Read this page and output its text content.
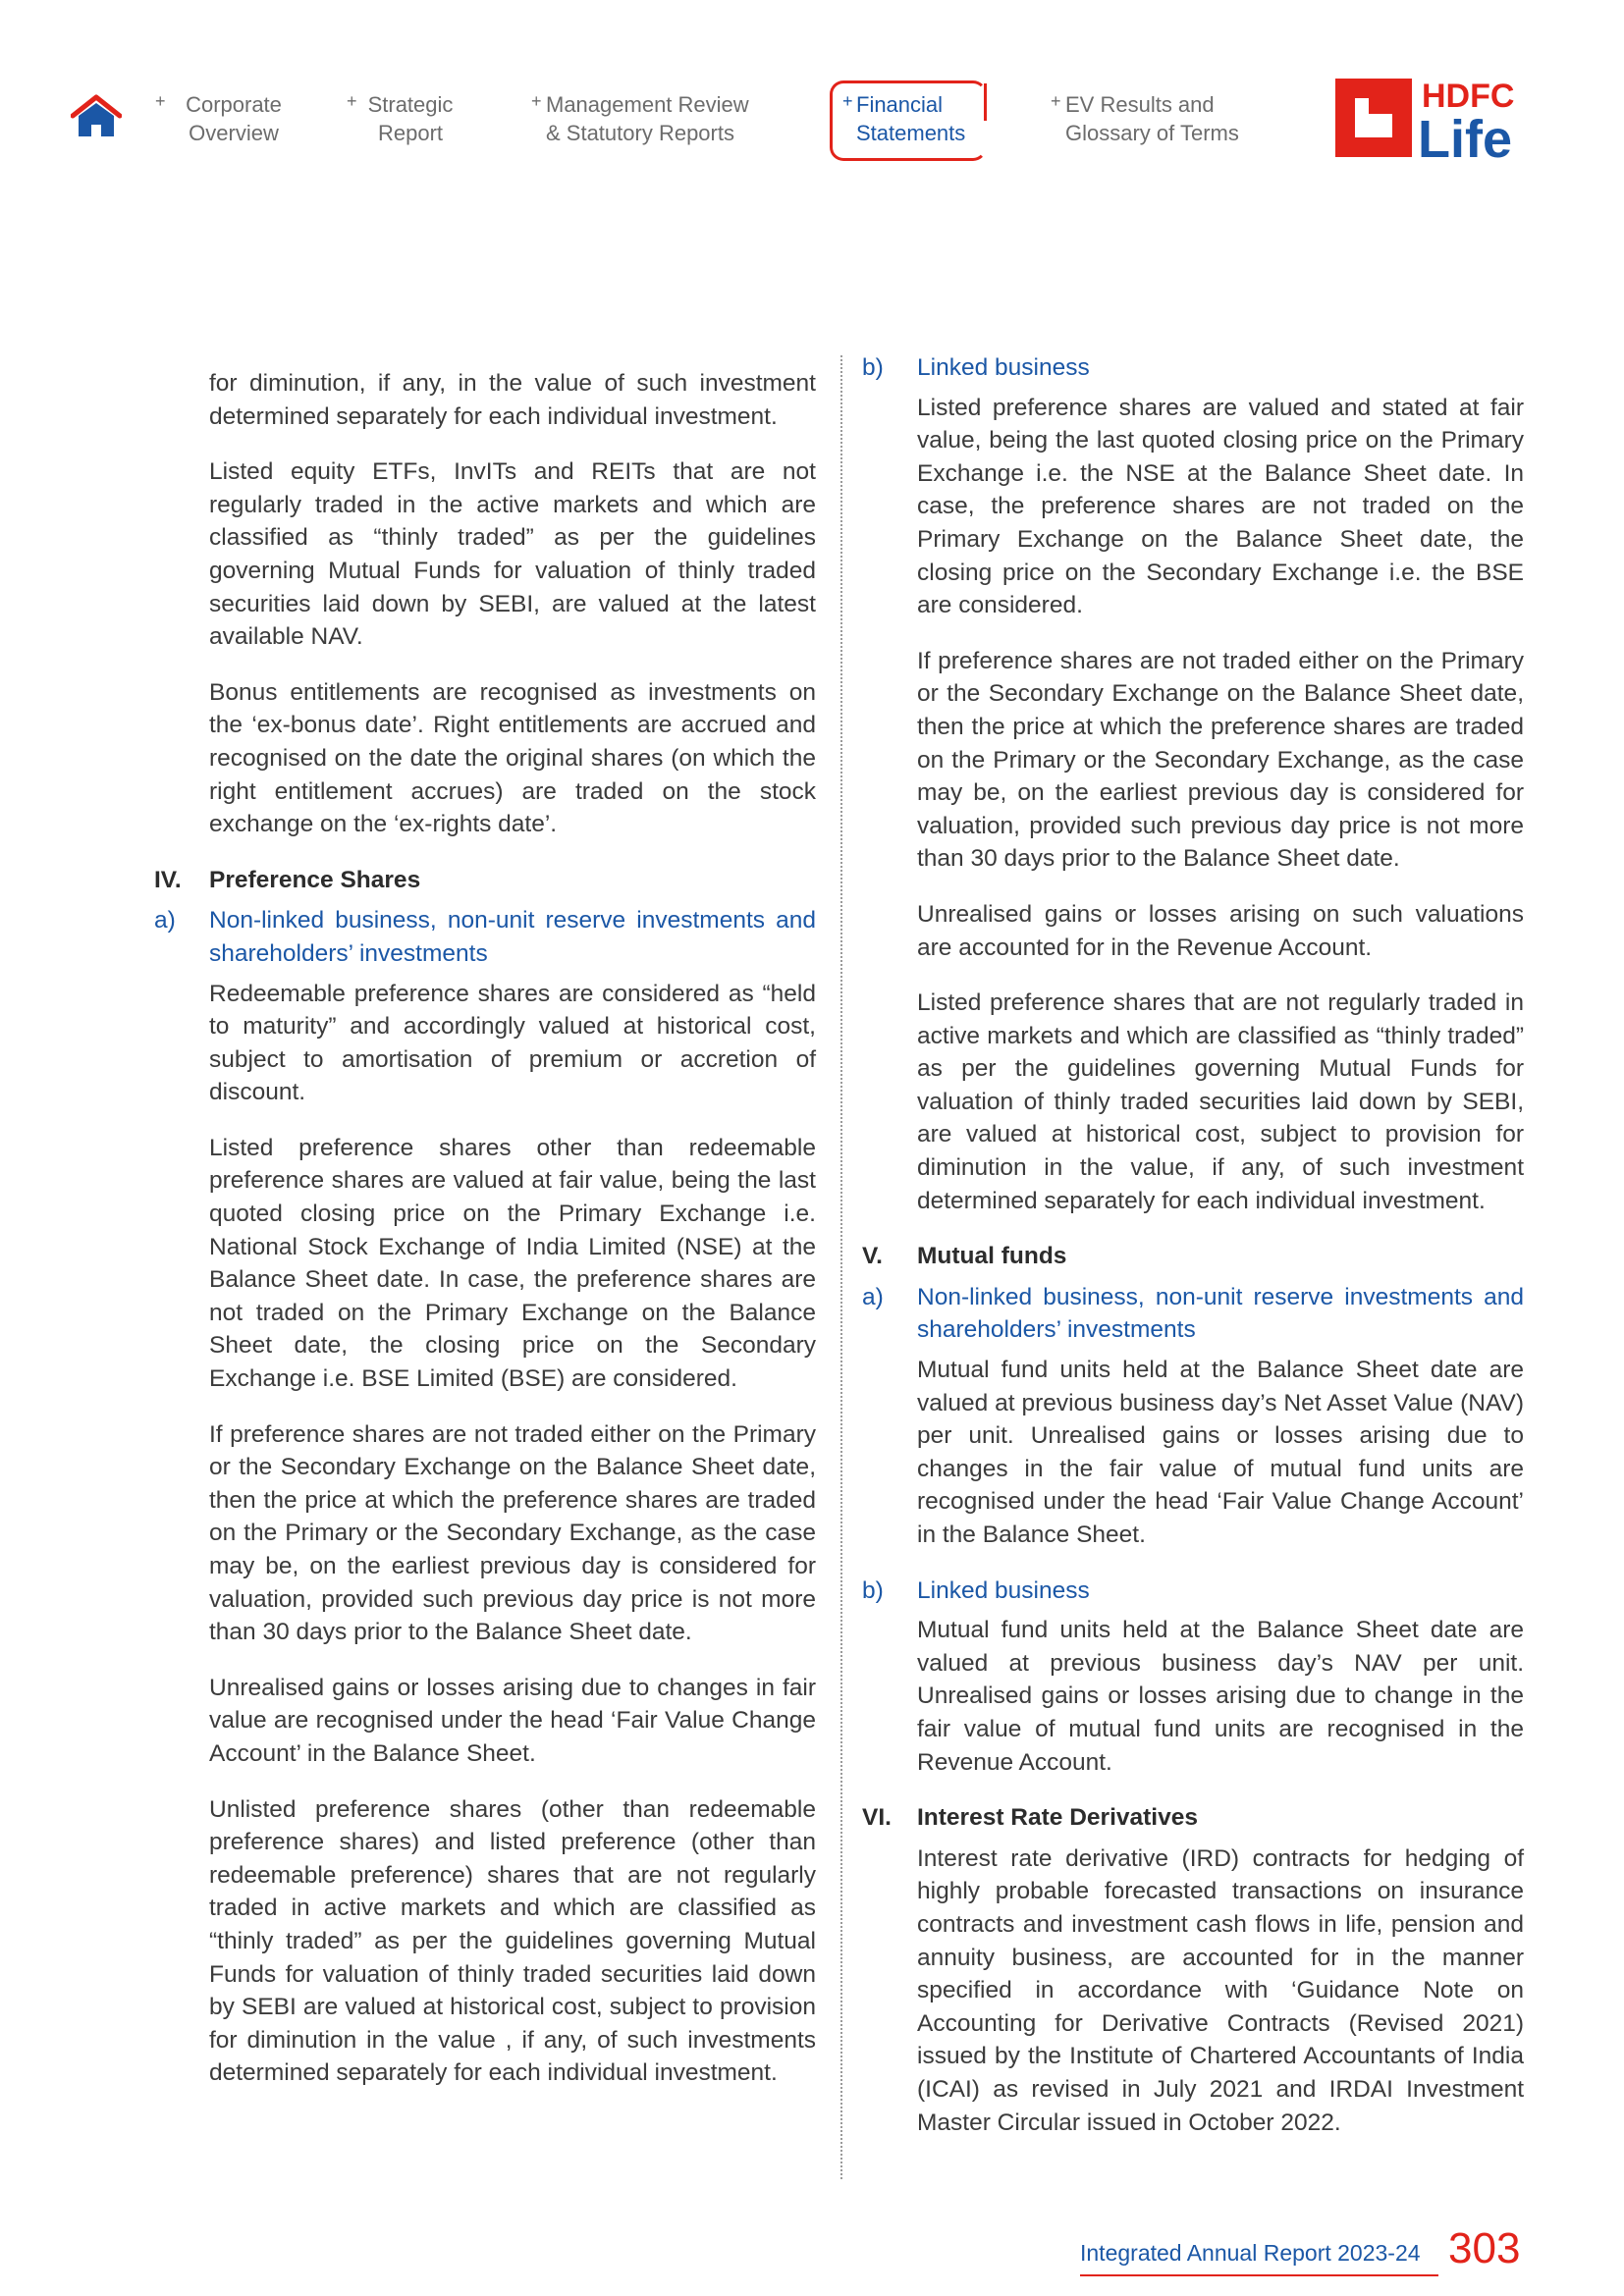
+ Corporate
Overview
+ Strategic
Report
+ Management Review
& Statutory Reports
+ Financial
Statements
+ EV Results and
Glossary of Terms
HDFC
Life

for diminution, if any, in the value of such investment determined separately for each individual investment.

Listed equity ETFs, InvITs and REITs that are not regularly traded in the active markets and which are classified as “thinly traded” as per the guidelines governing Mutual Funds for valuation of thinly traded securities laid down by SEBI, are valued at the latest available NAV.

Bonus entitlements are recognised as investments on the ‘ex-bonus date’. Right entitlements are accrued and recognised on the date the original shares (on which the right entitlement accrues) are traded on the stock exchange on the ‘ex-rights date’.

IV. Preference Shares
a) Non-linked business, non-unit reserve investments and shareholders’ investments

Redeemable preference shares are considered as “held to maturity” and accordingly valued at historical cost, subject to amortisation of premium or accretion of discount.

Listed preference shares other than redeemable preference shares are valued at fair value, being the last quoted closing price on the Primary Exchange i.e. National Stock Exchange of India Limited (NSE) at the Balance Sheet date. In case, the preference shares are not traded on the Primary Exchange on the Balance Sheet date, the closing price on the Secondary Exchange i.e. BSE Limited (BSE) are considered.

If preference shares are not traded either on the Primary or the Secondary Exchange on the Balance Sheet date, then the price at which the preference shares are traded on the Primary or the Secondary Exchange, as the case may be, on the earliest previous day is considered for valuation, provided such previous day price is not more than 30 days prior to the Balance Sheet date.

Unrealised gains or losses arising due to changes in fair value are recognised under the head ‘Fair Value Change Account’ in the Balance Sheet.

Unlisted preference shares (other than redeemable preference shares) and listed preference (other than redeemable preference) shares that are not regularly traded in active markets and which are classified as “thinly traded” as per the guidelines governing Mutual Funds for valuation of thinly traded securities laid down by SEBI are valued at historical cost, subject to provision for diminution in the value , if any, of such investments determined separately for each individual investment.

b) Linked business

Listed preference shares are valued and stated at fair value, being the last quoted closing price on the Primary Exchange i.e. the NSE at the Balance Sheet date. In case, the preference shares are not traded on the Primary Exchange on the Balance Sheet date, the closing price on the Secondary Exchange i.e. the BSE are considered.

If preference shares are not traded either on the Primary or the Secondary Exchange on the Balance Sheet date, then the price at which the preference shares are traded on the Primary or the Secondary Exchange, as the case may be, on the earliest previous day is considered for valuation, provided such previous day price is not more than 30 days prior to the Balance Sheet date.

Unrealised gains or losses arising on such valuations are accounted for in the Revenue Account.

Listed preference shares that are not regularly traded in active markets and which are classified as “thinly traded” as per the guidelines governing Mutual Funds for valuation of thinly traded securities laid down by SEBI, are valued at historical cost, subject to provision for diminution in the value, if any, of such investment determined separately for each individual investment.

V. Mutual funds
a) Non-linked business, non-unit reserve investments and shareholders’ investments

Mutual fund units held at the Balance Sheet date are valued at previous business day’s Net Asset Value (NAV) per unit. Unrealised gains or losses arising due to changes in the fair value of mutual fund units are recognised under the head ‘Fair Value Change Account’ in the Balance Sheet.

b) Linked business

Mutual fund units held at the Balance Sheet date are valued at previous business day’s NAV per unit. Unrealised gains or losses arising due to change in the fair value of mutual fund units are recognised in the Revenue Account.

VI. Interest Rate Derivatives

Interest rate derivative (IRD) contracts for hedging of highly probable forecasted transactions on insurance contracts and investment cash flows in life, pension and annuity business, are accounted for in the manner specified in accordance with ‘Guidance Note on Accounting for Derivative Contracts (Revised 2021) issued by the Institute of Chartered Accountants of India (ICAI) as revised in July 2021 and IRDAI Investment Master Circular issued in October 2022.

Integrated Annual Report 2023-24 303
